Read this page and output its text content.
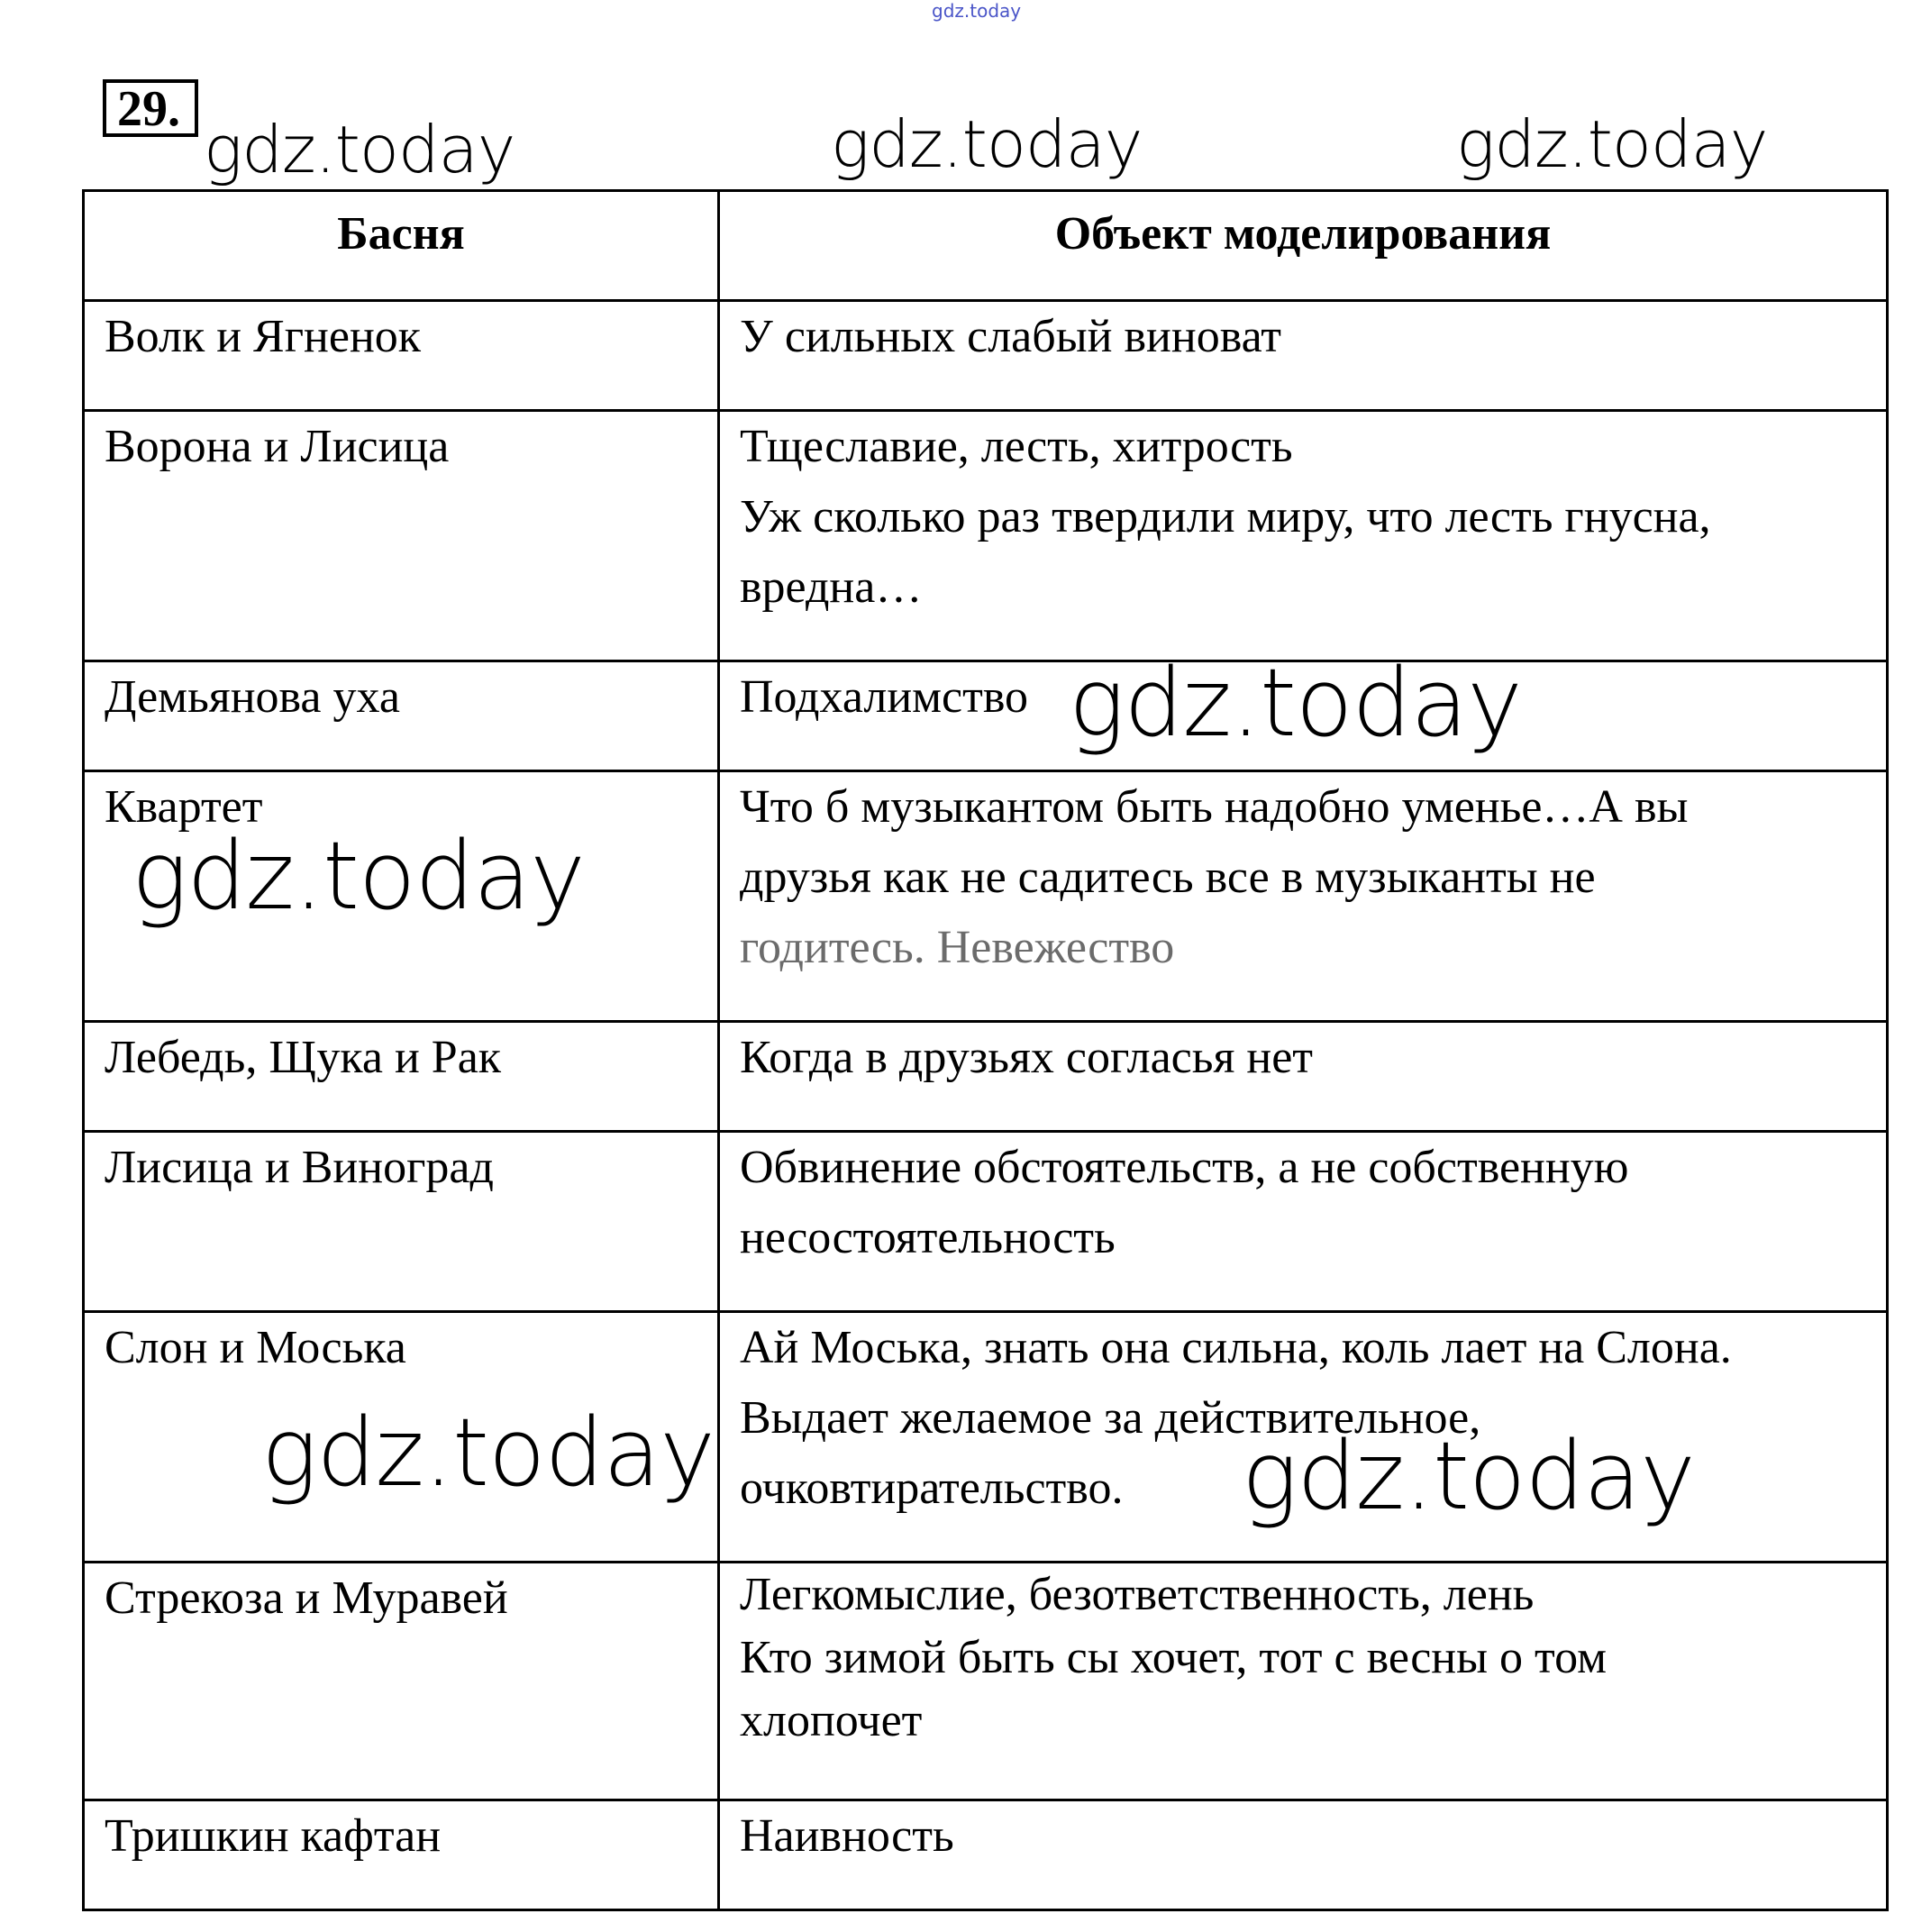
gdz.today
29.
Басня	Объект моделирования
Волк и Ягненок	У сильных слабый виноват

Ворона и Лисица	Тщеславие, лесть, хитрость
Уж сколько раз твердили миру, что лесть гнусна,
вредна…

Демьянова уха	Подхалимство

Квартет	Что б музыкантом быть надобно уменье…А вы
друзья как не садитесь все в музыканты не
годитесь. Невежество

Лебедь, Щука и Рак	Когда в друзьях согласья нет

Лисица и Виноград	Обвинение обстоятельств, а не собственную
несостоятельность

Слон и Моська	Ай Моська, знать она сильна, коль лает на Слона.
Выдает желаемое за действительное,
очковтирательство.

Стрекоза и Муравей	Легкомыслие, безответственность, лень
Кто зимой быть сы хочет, тот с весны о том
хлопочет

Тришкин кафтан	Наивность
gdz.today	gdz.today	gdz.today
gdz.today
gdz.today
gdz.today	gdz.today
